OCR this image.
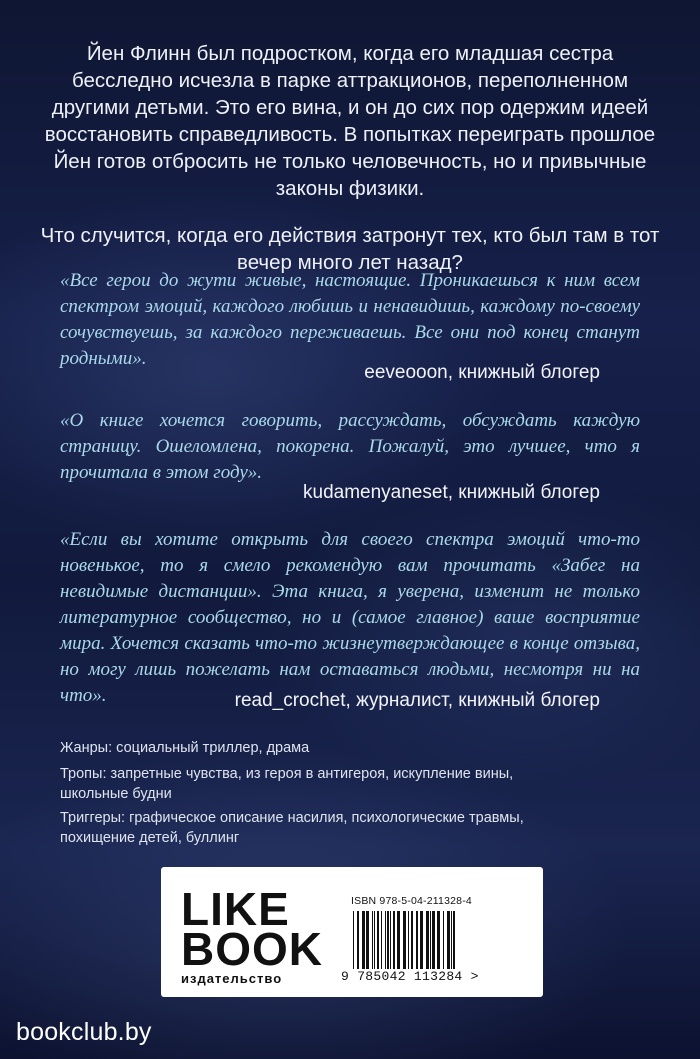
Йен Флинн был подростком, когда его младшая сестра бесследно исчезла в парке аттракционов, переполненном другими детьми. Это его вина, и он до сих пор одержим идеей восстановить справедливость. В попытках переиграть прошлое Йен готов отбросить не только человечность, но и привычные законы физики.

Что случится, когда его действия затронут тех, кто был там в тот вечер много лет назад?

«Все герои до жути живые, настоящие. Проникаешься к ним всем спектром эмоций, каждого любишь и ненавидишь, каждому по-своему сочувствуешь, за каждого переживаешь. Все они под конец станут родными».
eeveooon, книжный блогер
«О книге хочется говорить, рассуждать, обсуждать каждую страницу. Ошеломлена, покорена. Пожалуй, это лучшее, что я прочитала в этом году».
kudamenyaneset, книжный блогер
«Если вы хотите открыть для своего спектра эмоций что-то новенькое, то я смело рекомендую вам прочитать «Забег на невидимые дистанции». Эта книга, я уверена, изменит не только литературное сообщество, но и (самое главное) ваше восприятие мира. Хочется сказать что-то жизнеутверждающее в конце отзыва, но могу лишь пожелать нам оставаться людьми, несмотря ни на что».	read_crochet, журналист, книжный блогер
Жанры: социальный триллер, драма
Тропы: запретные чувства, из героя в антигероя, искупление вины, школьные будни
Триггеры: графическое описание насилия, психологические травмы, похищение детей, буллинг
LIKE
BOOK
издательство
ISBN 978-5-04-211328-4
9 785042 113284 >
bookclub.by
